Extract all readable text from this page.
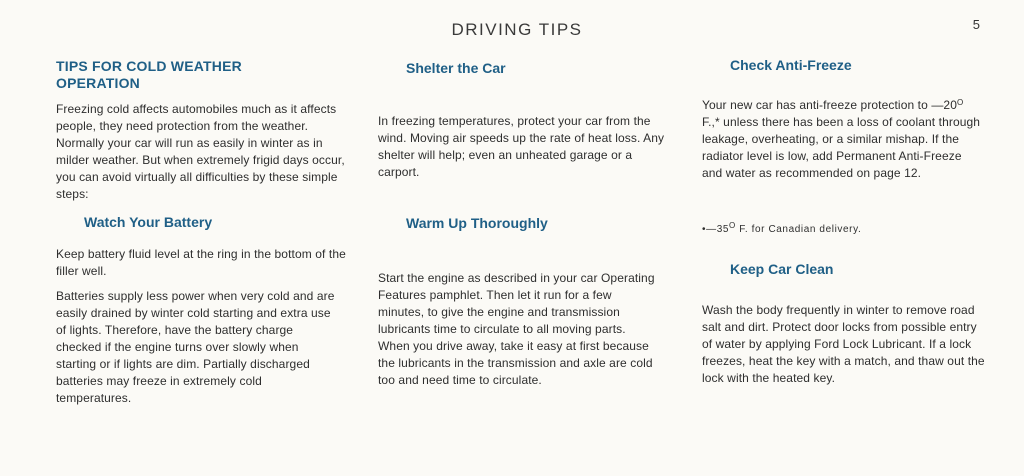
DRIVING TIPS	5
TIPS FOR COLD WEATHER OPERATION

Freezing cold affects automobiles much as it affects people, they need protection from the weather. Normally your car will run as easily in winter as in milder weather. But when extremely frigid days occur, you can avoid virtually all difficulties by these simple steps:

Watch Your Battery

Keep battery fluid level at the ring in the bottom of the filler well.

Batteries supply less power when very cold and are easily drained by winter cold starting and extra use of lights. Therefore, have the battery charge checked if the engine turns over slowly when starting or if lights are dim. Partially discharged batteries may freeze in extremely cold temperatures.

Shelter the Car

In freezing temperatures, protect your car from the wind. Moving air speeds up the rate of heat loss. Any shelter will help; even an unheated garage or a carport.

Warm Up Thoroughly

Start the engine as described in your car Operating Features pamphlet. Then let it run for a few minutes, to give the engine and transmission lubricants time to circulate to all moving parts. When you drive away, take it easy at first because the lubricants in the transmission and axle are cold too and need time to circulate.

Check Anti-Freeze

Your new car has anti-freeze protection to $—20^O$ F.,* unless there has been a loss of coolant through leakage, overheating, or a similar mishap. If the radiator level is low, add Permanent Anti-Freeze and water as recommended on page 12.

$•—35^O$ F. for Canadian delivery.

Keep Car Clean

Wash the body frequently in winter to remove road salt and dirt. Protect door locks from possible entry of water by applying Ford Lock Lubricant. If a lock freezes, heat the key with a match, and thaw out the lock with the heated key.
